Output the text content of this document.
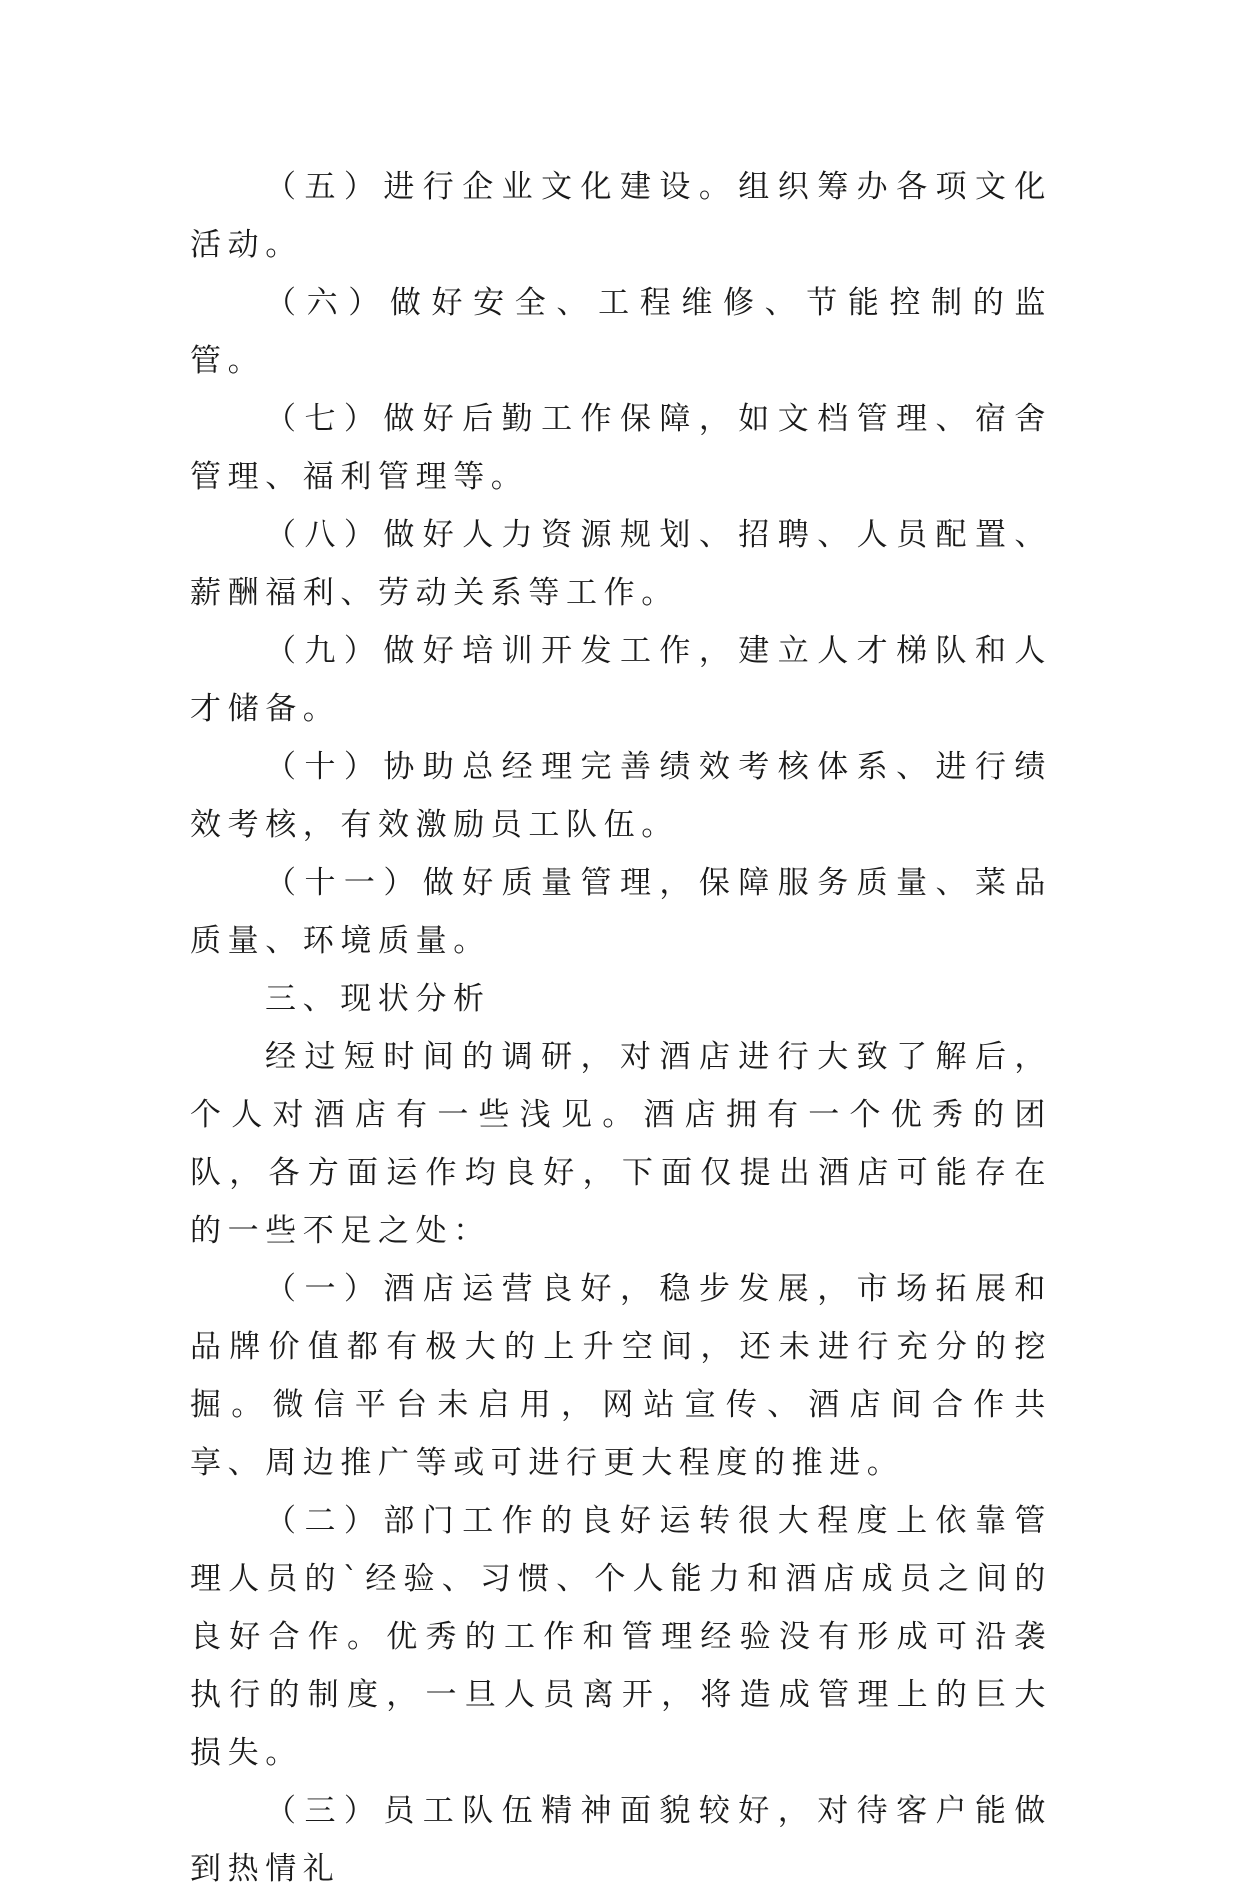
（五）进行企业文化建设。组织筹办各项文化活动。

（六）做好安全、工程维修、节能控制的监管。

（七）做好后勤工作保障，如文档管理、宿舍管理、福利管理等。

（八）做好人力资源规划、招聘、人员配置、薪酬福利、劳动关系等工作。

（九）做好培训开发工作，建立人才梯队和人才储备。

（十）协助总经理完善绩效考核体系、进行绩效考核，有效激励员工队伍。

（十一）做好质量管理，保障服务质量、菜品质量、环境质量。

三、现状分析

经过短时间的调研，对酒店进行大致了解后，个人对酒店有一些浅见。酒店拥有一个优秀的团队，各方面运作均良好，下面仅提出酒店可能存在的一些不足之处：

（一）酒店运营良好，稳步发展，市场拓展和品牌价值都有极大的上升空间，还未进行充分的挖掘。微信平台未启用，网站宣传、酒店间合作共享、周边推广等或可进行更大程度的推进。

（二）部门工作的良好运转很大程度上依靠管理人员的`经验、习惯、个人能力和酒店成员之间的良好合作。优秀的工作和管理经验没有形成可沿袭执行的制度，一旦人员离开，将造成管理上的巨大损失。

（三）员工队伍精神面貌较好，对待客户能做到热情礼
